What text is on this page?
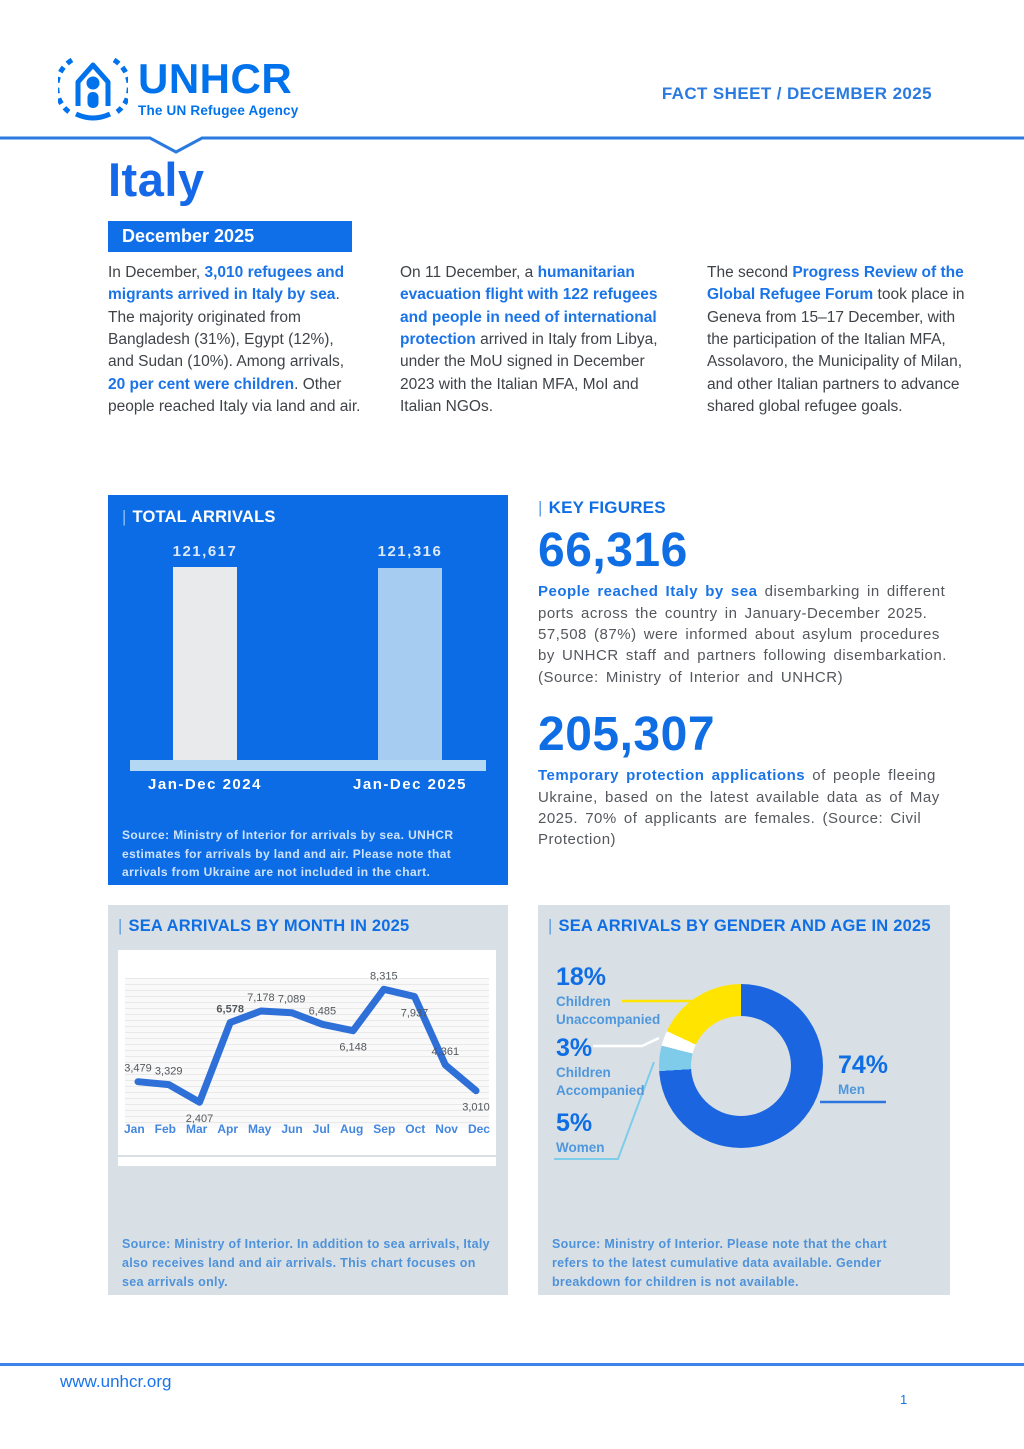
UNHCR
The UN Refugee Agency
FACT SHEET / DECEMBER 2025
Italy
December 2025
In December, 3,010 refugees and migrants arrived in Italy by sea. The majority originated from Bangladesh (31%), Egypt (12%), and Sudan (10%). Among arrivals, 20 per cent were children. Other people reached Italy via land and air.
On 11 December, a humanitarian evacuation flight with 122 refugees and people in need of international protection arrived in Italy from Libya, under the MoU signed in December 2023 with the Italian MFA, MoI and Italian NGOs.
The second Progress Review of the Global Refugee Forum took place in Geneva from 15–17 December, with the participation of the Italian MFA, Assolavoro, the Municipality of Milan, and other Italian partners to advance shared global refugee goals.
| TOTAL ARRIVALS
121,617	121,316
Jan-Dec 2024	Jan-Dec 2025
Source: Ministry of Interior for arrivals by sea. UNHCR estimates for arrivals by land and air. Please note that arrivals from Ukraine are not included in the chart.
| KEY FIGURES
66,316
People reached Italy by sea disembarking in different ports across the country in January-December 2025. 57,508 (87%) were informed about asylum procedures by UNHCR staff and partners following disembarkation. (Source: Ministry of Interior and UNHCR)
205,307
Temporary protection applications of people fleeing Ukraine, based on the latest available data as of May 2025. 70% of applicants are females. (Source: Civil Protection)
| SEA ARRIVALS BY MONTH IN 2025
3,479 3,329
2,407
6,578
7,178 7,089
6,485
6,148
8,315
7,937
4,361
3,010
Jan Feb Mar Apr May Jun Jul Aug Sep Oct Nov Dec
Source: Ministry of Interior. In addition to sea arrivals, Italy also receives land and air arrivals. This chart focuses on sea arrivals only.
| SEA ARRIVALS BY GENDER AND AGE IN 2025
18%
Children Unaccompanied
3%
Children Accompanied
5%
Women
74%
Men
Source: Ministry of Interior. Please note that the chart refers to the latest cumulative data available. Gender breakdown for children is not available.
www.unhcr.org
1
